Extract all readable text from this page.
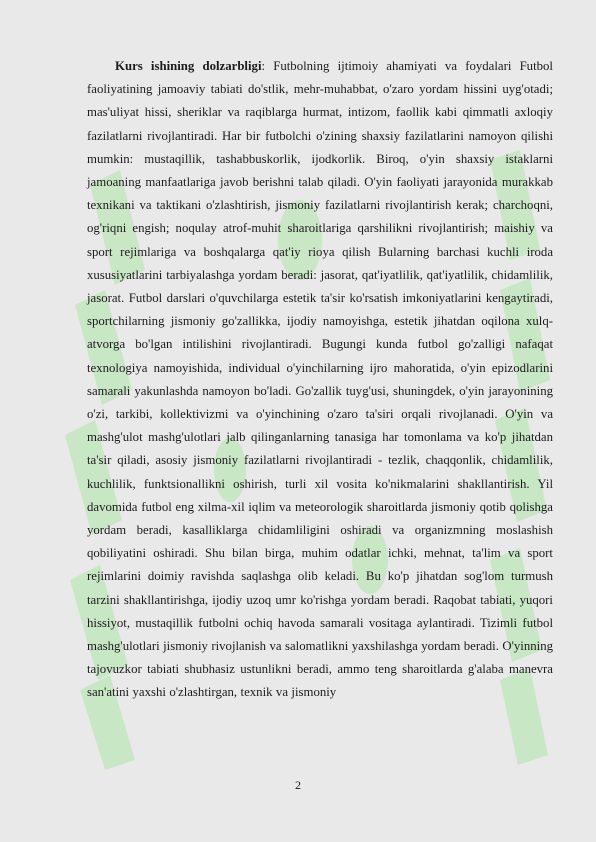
Kurs ishining dolzarbligi: Futbolning ijtimoiy ahamiyati va foydalari Futbol faoliyatining jamoaviy tabiati do'stlik, mehr-muhabbat, o'zaro yordam hissini uyg'otadi; mas'uliyat hissi, sheriklar va raqiblarga hurmat, intizom, faollik kabi qimmatli axloqiy fazilatlarni rivojlantiradi. Har bir futbolchi o'zining shaxsiy fazilatlarini namoyon qilishi mumkin: mustaqillik, tashabbuskorlik, ijodkorlik. Biroq, o'yin shaxsiy istaklarni jamoaning manfaatlariga javob berishni talab qiladi. O'yin faoliyati jarayonida murakkab texnikani va taktikani o'zlashtirish, jismoniy fazilatlarni rivojlantirish kerak; charchoqni, og'riqni engish; noqulay atrof-muhit sharoitlariga qarshilikni rivojlantirish; maishiy va sport rejimlariga va boshqalarga qat'iy rioya qilish Bularning barchasi kuchli iroda xususiyatlarini tarbiyalashga yordam beradi: jasorat, qat'iyatlilik, qat'iyatlilik, chidamlilik, jasorat. Futbol darslari o'quvchilarga estetik ta'sir ko'rsatish imkoniyatlarini kengaytiradi, sportchilarning jismoniy go'zallikka, ijodiy namoyishga, estetik jihatdan oqilona xulq-atvorga bo'lgan intilishini rivojlantiradi. Bugungi kunda futbol go'zalligi nafaqat texnologiya namoyishida, individual o'yinchilarning ijro mahoratida, o'yin epizodlarini samarali yakunlashda namoyon bo'ladi. Go'zallik tuyg'usi, shuningdek, o'yin jarayonining o'zi, tarkibi, kollektivizmi va o'yinchining o'zaro ta'siri orqali rivojlanadi. O'yin va mashg'ulot mashg'ulotlari jalb qilinganlarning tanasiga har tomonlama va ko'p jihatdan ta'sir qiladi, asosiy jismoniy fazilatlarni rivojlantiradi - tezlik, chaqqonlik, chidamlilik, kuchlilik, funktsionallikni oshirish, turli xil vosita ko'nikmalarini shakllantirish. Yil davomida futbol eng xilma-xil iqlim va meteorologik sharoitlarda jismoniy qotib qolishga yordam beradi, kasalliklarga chidamliligini oshiradi va organizmning moslashish qobiliyatini oshiradi. Shu bilan birga, muhim odatlar ichki, mehnat, ta'lim va sport rejimlarini doimiy ravishda saqlashga olib keladi. Bu ko'p jihatdan sog'lom turmush tarzini shakllantirishga, ijodiy uzoq umr ko'rishga yordam beradi. Raqobat tabiati, yuqori hissiyot, mustaqillik futbolni ochiq havoda samarali vositaga aylantiradi. Tizimli futbol mashg'ulotlari jismoniy rivojlanish va salomatlikni yaxshilashga yordam beradi. O'yinning tajovuzkor tabiati shubhasiz ustunlikni beradi, ammo teng sharoitlarda g'alaba manevra san'atini yaxshi o'zlashtirgan, texnik va jismoniy

2
